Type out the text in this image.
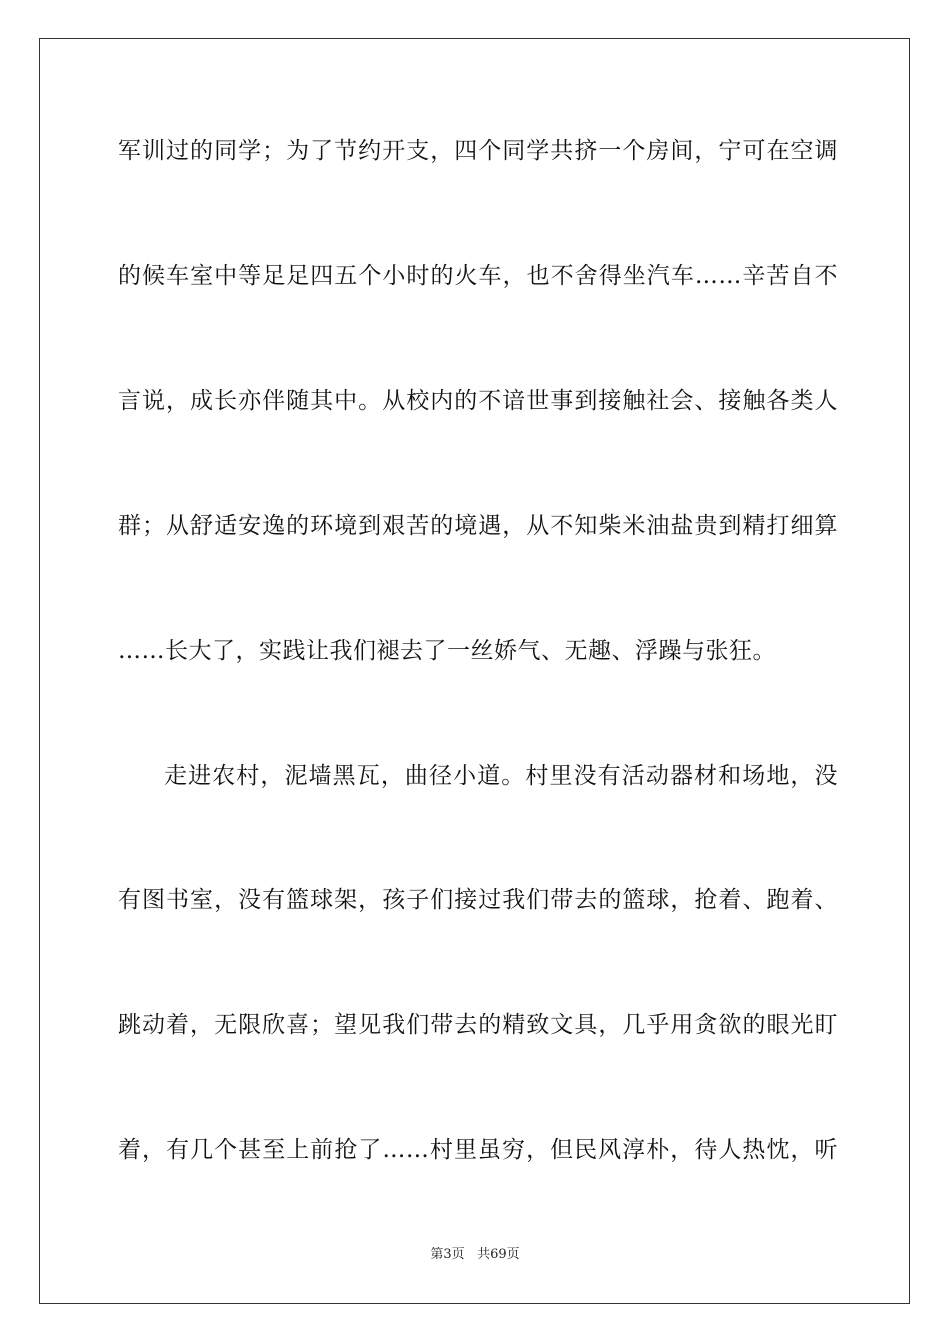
军训过的同学；为了节约开支，四个同学共挤一个房间，宁可在空调
的候车室中等足足四五个小时的火车，也不舍得坐汽车……辛苦自不
言说，成长亦伴随其中。从校内的不谙世事到接触社会、接触各类人
群；从舒适安逸的环境到艰苦的境遇，从不知柴米油盐贵到精打细算
……长大了，实践让我们褪去了一丝娇气、无趣、浮躁与张狂。
走进农村，泥墙黑瓦，曲径小道。村里没有活动器材和场地，没
有图书室，没有篮球架，孩子们接过我们带去的篮球，抢着、跑着、
跳动着，无限欣喜；望见我们带去的精致文具，几乎用贪欲的眼光盯
着，有几个甚至上前抢了……村里虽穷，但民风淳朴，待人热忱，听
第3页 共69页
